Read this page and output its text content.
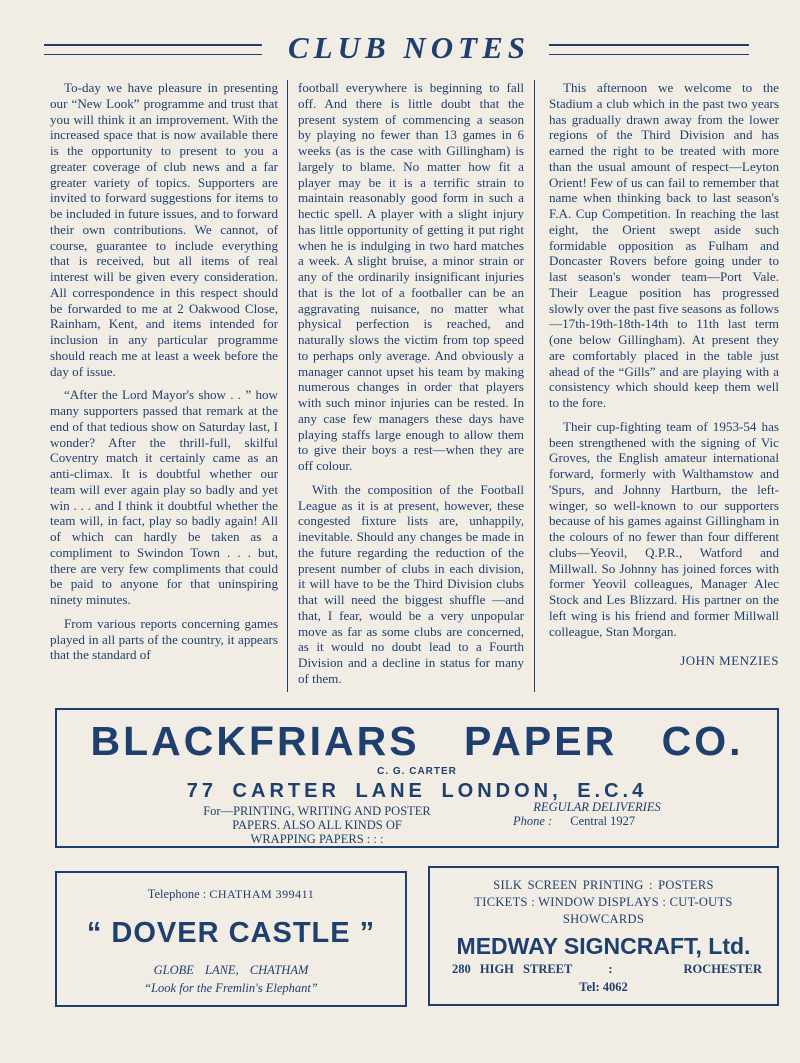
CLUB NOTES

To-day we have pleasure in presenting our “New Look” programme and trust that you will think it an improvement. With the increased space that is now available there is the opportunity to present to you a greater coverage of club news and a far greater variety of topics. Supporters are invited to forward suggestions for items to be included in future issues, and to forward their own contributions. We cannot, of course, guarantee to include everything that is received, but all items of real interest will be given every consideration. All correspondence in this respect should be forwarded to me at 2 Oakwood Close, Rainham, Kent, and items intended for inclusion in any particular programme should reach me at least a week before the day of issue.

“After the Lord Mayor's show . . ” how many supporters passed that remark at the end of that tedious show on Saturday last, I wonder? After the thrill-full, skilful Coventry match it certainly came as an anti-climax. It is doubtful whether our team will ever again play so badly and yet win . . . and I think it doubtful whether the team will, in fact, play so badly again! All of which can hardly be taken as a compliment to Swindon Town . . . but, there are very few compliments that could be paid to anyone for that uninspiring ninety minutes.

From various reports concerning games played in all parts of the country, it appears that the standard of

football everywhere is beginning to fall off. And there is little doubt that the present system of commencing a season by playing no fewer than 13 games in 6 weeks (as is the case with Gillingham) is largely to blame. No matter how fit a player may be it is a terrific strain to maintain reasonably good form in such a hectic spell. A player with a slight injury has little opportunity of getting it put right when he is indulging in two hard matches a week. A slight bruise, a minor strain or any of the ordinarily insignificant injuries that is the lot of a footballer can be an aggravating nuisance, no matter what physical perfection is reached, and naturally slows the victim from top speed to perhaps only average. And obviously a manager cannot upset his team by making numerous changes in order that players with such minor injuries can be rested. In any case few managers these days have playing staffs large enough to allow them to give their boys a rest—when they are off colour.

With the composition of the Football League as it is at present, however, these congested fixture lists are, unhappily, inevitable. Should any changes be made in the future regarding the reduction of the present number of clubs in each division, it will have to be the Third Division clubs that will need the biggest shuffle —and that, I fear, would be a very unpopular move as far as some clubs are concerned, as it would no doubt lead to a Fourth Division and a decline in status for many of them.

This afternoon we welcome to the Stadium a club which in the past two years has gradually drawn away from the lower regions of the Third Division and has earned the right to be treated with more than the usual amount of respect—Leyton Orient! Few of us can fail to remember that name when thinking back to last season's F.A. Cup Competition. In reaching the last eight, the Orient swept aside such formidable opposition as Fulham and Doncaster Rovers before going under to last season's wonder team—Port Vale. Their League position has progressed slowly over the past five seasons as follows—17th-19th-18th-14th to 11th last term (one below Gillingham). At present they are comfortably placed in the table just ahead of the “Gills” and are playing with a consistency which should keep them well to the fore.

Their cup-fighting team of 1953-54 has been strengthened with the signing of Vic Groves, the English amateur international forward, formerly with Walthamstow and 'Spurs, and Johnny Hartburn, the left-winger, so well-known to our supporters because of his games against Gillingham in the colours of no fewer than four different clubs—Yeovil, Q.P.R., Watford and Millwall. So Johnny has joined forces with former Yeovil colleagues, Manager Alec Stock and Les Blizzard. His partner on the left wing is his friend and former Millwall colleague, Stan Morgan.

JOHN MENZIES
BLACKFRIARS PAPER CO.
C. G. CARTER
77 CARTER LANE LONDON, E.C.4
For—PRINTING, WRITING AND POSTER
PAPERS. ALSO ALL KINDS OF
WRAPPING PAPERS : : :
REGULAR DELIVERIES
Phone : Central 1927
Telephone : CHATHAM 399411
“ DOVER CASTLE ”
GLOBE LANE, CHATHAM
“Look for the Fremlin's Elephant”
SILK SCREEN PRINTING : POSTERS
TICKETS : WINDOW DISPLAYS : CUT-OUTS
SHOWCARDS
MEDWAY SIGNCRAFT, Ltd.
280 HIGH STREET	:	ROCHESTER
Tel: 4062
